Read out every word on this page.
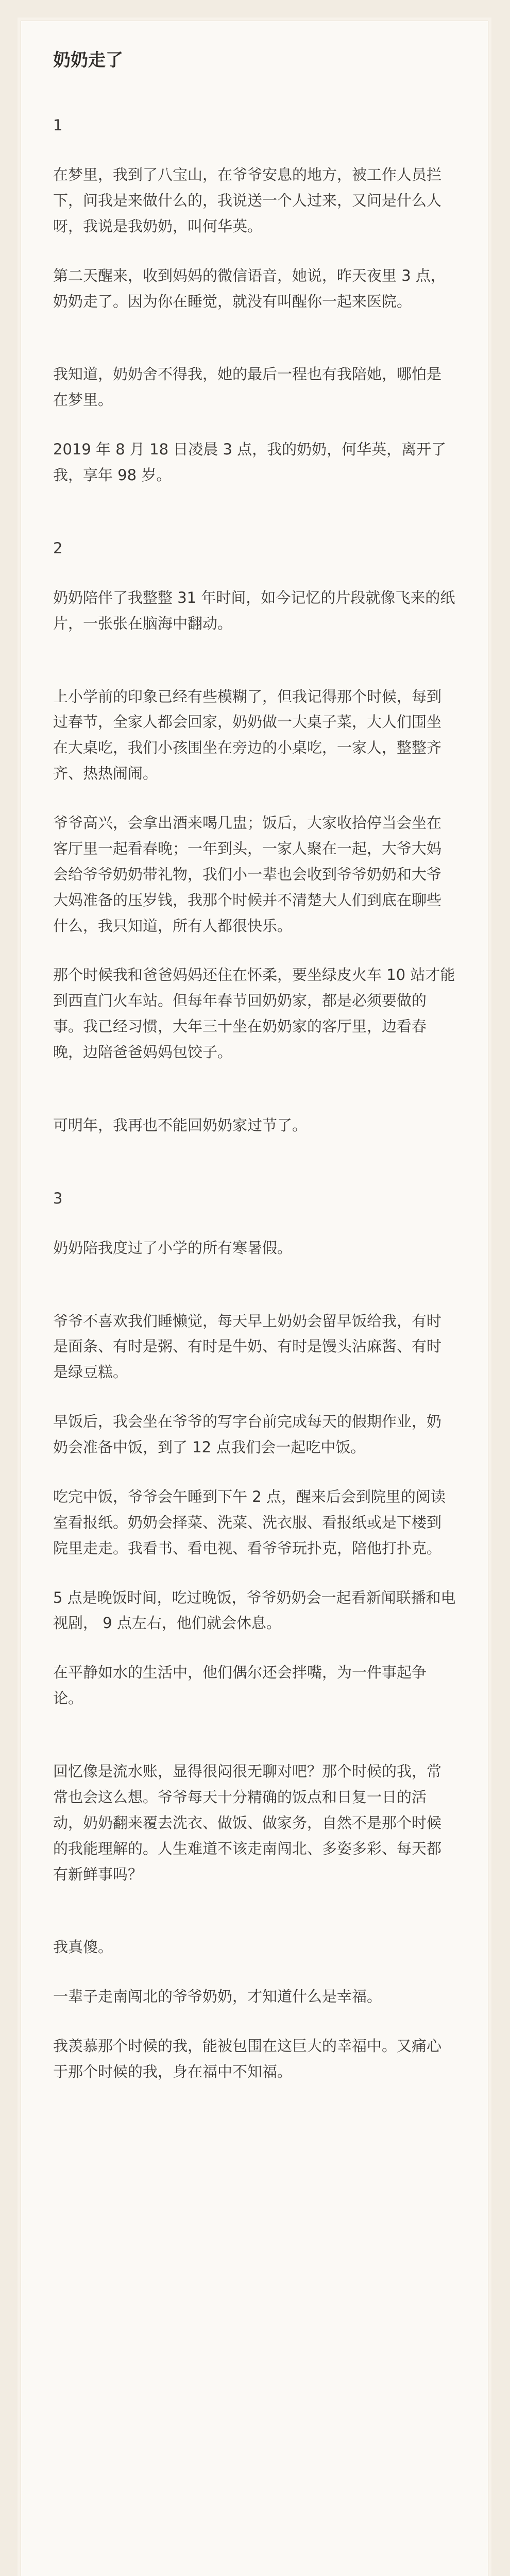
奶奶走了

1

在梦里，我到了八宝山，在爷爷安息的地方，被工作人员拦下，问我是来做什么的，我说送一个人过来，又问是什么人呀，我说是我奶奶，叫何华英。

第二天醒来，收到妈妈的微信语音，她说，昨天夜里 3 点，奶奶走了。因为你在睡觉，就没有叫醒你一起来医院。

我知道，奶奶舍不得我，她的最后一程也有我陪她，哪怕是在梦里。

2019 年 8 月 18 日凌晨 3 点，我的奶奶，何华英，离开了我，享年 98 岁。

2

奶奶陪伴了我整整 31 年时间，如今记忆的片段就像飞来的纸片，一张张在脑海中翻动。

上小学前的印象已经有些模糊了，但我记得那个时候，每到过春节，全家人都会回家，奶奶做一大桌子菜，大人们围坐在大桌吃，我们小孩围坐在旁边的小桌吃，一家人，整整齐齐、热热闹闹。

爷爷高兴，会拿出酒来喝几盅；饭后，大家收拾停当会坐在客厅里一起看春晚；一年到头，一家人聚在一起，大爷大妈会给爷爷奶奶带礼物，我们小一辈也会收到爷爷奶奶和大爷大妈准备的压岁钱，我那个时候并不清楚大人们到底在聊些什么，我只知道，所有人都很快乐。

那个时候我和爸爸妈妈还住在怀柔，要坐绿皮火车 10 站才能到西直门火车站。但每年春节回奶奶家，都是必须要做的事。我已经习惯，大年三十坐在奶奶家的客厅里，边看春晚，边陪爸爸妈妈包饺子。

可明年，我再也不能回奶奶家过节了。

3

奶奶陪我度过了小学的所有寒暑假。

爷爷不喜欢我们睡懒觉，每天早上奶奶会留早饭给我，有时是面条、有时是粥、有时是牛奶、有时是馒头沾麻酱、有时是绿豆糕。

早饭后，我会坐在爷爷的写字台前完成每天的假期作业，奶奶会准备中饭，到了 12 点我们会一起吃中饭。

吃完中饭，爷爷会午睡到下午 2 点，醒来后会到院里的阅读室看报纸。奶奶会择菜、洗菜、洗衣服、看报纸或是下楼到院里走走。我看书、看电视、看爷爷玩扑克，陪他打扑克。

5 点是晚饭时间，吃过晚饭，爷爷奶奶会一起看新闻联播和电视剧， 9 点左右，他们就会休息。

在平静如水的生活中，他们偶尔还会拌嘴，为一件事起争论。

回忆像是流水账，显得很闷很无聊对吧？那个时候的我，常常也会这么想。爷爷每天十分精确的饭点和日复一日的活动，奶奶翻来覆去洗衣、做饭、做家务，自然不是那个时候的我能理解的。人生难道不该走南闯北、多姿多彩、每天都有新鲜事吗？

我真傻。

一辈子走南闯北的爷爷奶奶，才知道什么是幸福。

我羡慕那个时候的我，能被包围在这巨大的幸福中。又痛心于那个时候的我，身在福中不知福。
